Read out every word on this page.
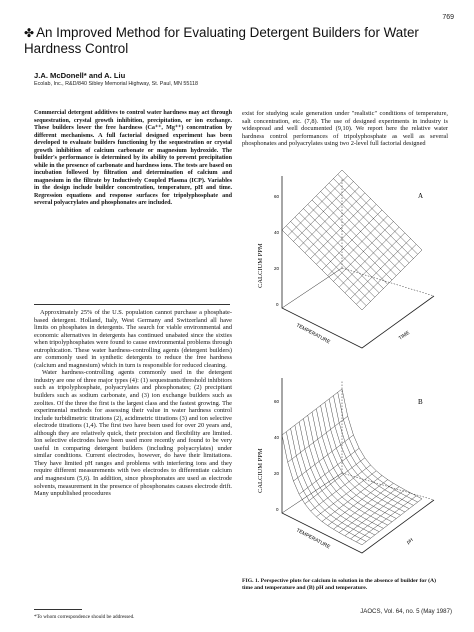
769
✤ An Improved Method for Evaluating Detergent Builders for Water Hardness Control
J.A. McDonell* and A. Liu
Ecolab, Inc., R&D/840 Sibley Memorial Highway, St. Paul, MN 55118
Commercial detergent additives to control water hardness may act through sequestration, crystal growth inhibition, precipitation, or ion exchange. These builders lower the free hardness (Ca⁺⁺, Mg⁺⁺) concentration by different mechanisms. A full factorial designed experiment has been developed to evaluate builders functioning by the sequestration or crystal growth inhibition of calcium carbonate or magnesium hydroxide. The builder's performance is determined by its ability to prevent precipitation while in the presence of carbonate and hardness ions. The tests are based on incubation followed by filtration and determination of calcium and magnesium in the filtrate by Inductively Coupled Plasma (ICP). Variables in the design include builder concentration, temperature, pH and time. Regression equations and response surfaces for tripolyphosphate and several polyacrylates and phosphonates are included.

Approximately 25% of the U.S. population cannot purchase a phosphate-based detergent. Holland, Italy, West Germany and Switzerland all have limits on phosphates in detergents. The search for viable environmental and economic alternatives in detergents has continued unabated since the sixties when tripolyphosphates were found to cause environmental problems through eutrophication. These water hardness-controlling agents (detergent builders) are commonly used in synthetic detergents to reduce the free hardness (calcium and magnesium) which in turn is responsible for reduced cleaning.

Water hardness-controlling agents commonly used in the detergent industry are one of three major types (4): (1) sequestrants/threshold inhibitors such as tripolyphosphate, polyacrylates and phosphonates; (2) precipitant builders such as sodium carbonate, and (3) ion exchange builders such as zeolites. Of the three the first is the largest class and the fastest growing. The experimental methods for assessing their value in water hardness control include turbidimetric titrations (2), acidimetric titrations (3) and ion selective electrode titrations (1,4). The first two have been used for over 20 years and, although they are relatively quick, their precision and flexibility are limited. Ion selective electrodes have been used more recently and found to be very useful in comparing detergent builders (including polyacrylates) under similar conditions. Current electrodes, however, do have their limitations. They have limited pH ranges and problems with interfering ions and they require different measurements with two electrodes to differentiate calcium and magnesium (5,6). In addition, since phosphonates are used as electrode solvents, measurement in the presence of phosphonates causes electrode drift. Many unpublished procedures

exist for studying scale generation under "realistic" conditions of temperature, salt concentration, etc. (7,8). The use of designed experiments in industry is widespread and well documented (9,10). We report here the relative water hardness control performances of tripolyphosphate as well as several phosphonates and polyacrylates using two 2-level full factorial designed
CALCIUM PPM
0
20
40
60
TIME
TEMPERATURE
A
CALCIUM PPM
0
20
40
60
pH
TEMPERATURE
B
FIG. 1. Perspective plots for calcium in solution in the absence of builder for (A) time and temperature and (B) pH and temperature.
*To whom correspondence should be addressed.
JAOCS, Vol. 64, no. 5 (May 1987)
